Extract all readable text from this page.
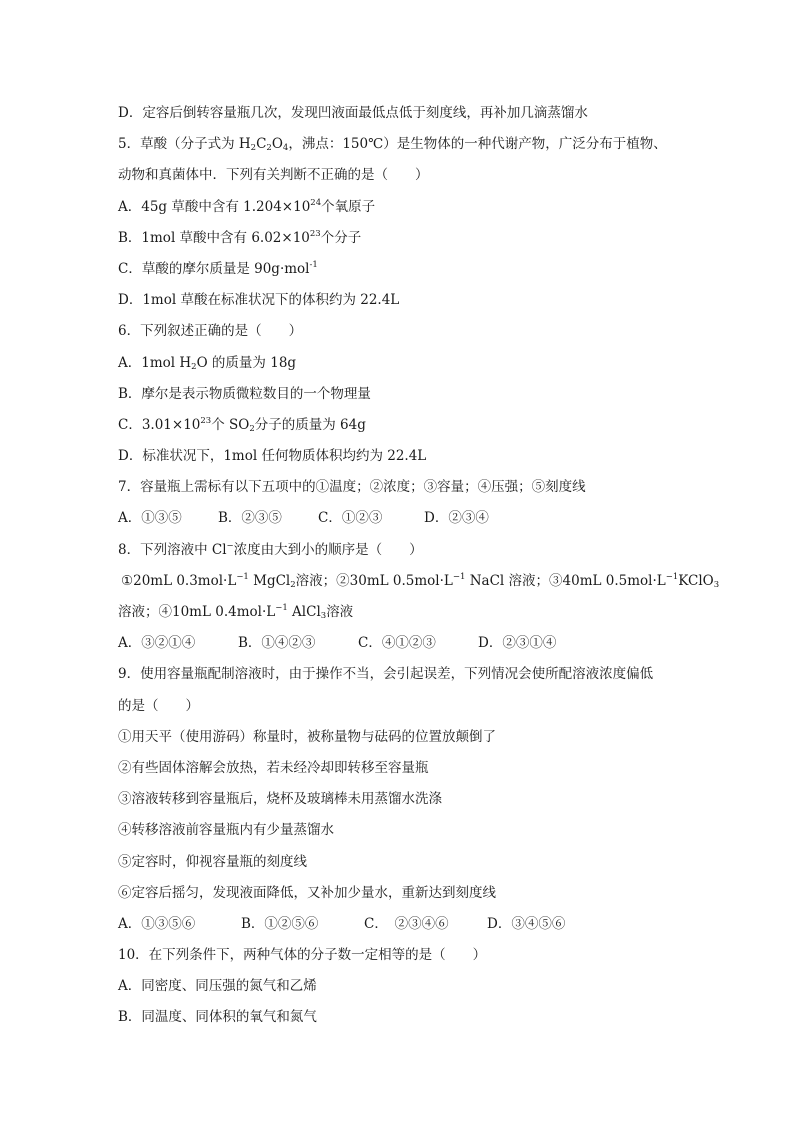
D．定容后倒转容量瓶几次，发现凹液面最低点低于刻度线，再补加几滴蒸馏水
5．草酸（分子式为 $H_2C_2O_4$，沸点：150℃）是生物体的一种代谢产物，广泛分布于植物、
动物和真菌体中．下列有关判断不正确的是（　　）
A．45g 草酸中含有 $1.204\times 10^{24}$个氧原子
B．1mol 草酸中含有 $6.02\times 10^{23}$个分子
C．草酸的摩尔质量是 90g·mol$^{-1}$
D．1mol 草酸在标准状况下的体积约为 22.4L
6．下列叙述正确的是（　　）
A．1mol $H_2O$ 的质量为 18g
B．摩尔是表示物质微粒数目的一个物理量
C．$3.01\times 10^{23}$个 $SO_2$分子的质量为 64g
D．标准状况下，1mol 任何物质体积均约为 22.4L
7．容量瓶上需标有以下五项中的①温度；②浓度；③容量；④压强；⑤刻度线
A．①③⑤	B．②③⑤	C．①②③	D．②③④
8．下列溶液中 Cl−浓度由大到小的顺序是（　　）
①20mL $0.3mol\cdot L^{-1}$ MgCl$_2$溶液；②30mL $0.5mol\cdot L^{-1}$ NaCl 溶液；③40mL $0.5mol\cdot L^{-1}KClO_3$
溶液；④10mL $0.4mol\cdot L^{-1}$ AlCl$_3$溶液
A．③②①④	B．①④②③	C．④①②③	D．②③①④
9．使用容量瓶配制溶液时，由于操作不当，会引起误差，下列情况会使所配溶液浓度偏低
的是（　　）
①用天平（使用游码）称量时，被称量物与砝码的位置放颠倒了
②有些固体溶解会放热，若未经冷却即转移至容量瓶
③溶液转移到容量瓶后，烧杯及玻璃棒未用蒸馏水洗涤
④转移溶液前容量瓶内有少量蒸馏水
⑤定容时，仰视容量瓶的刻度线
⑥定容后摇匀，发现液面降低，又补加少量水，重新达到刻度线
A．①③⑤⑥	B．①②⑤⑥	C．　②③④⑥	D．③④⑤⑥
10．在下列条件下，两种气体的分子数一定相等的是（　　）
A．同密度、同压强的氮气和乙烯
B．同温度、同体积的氧气和氮气
